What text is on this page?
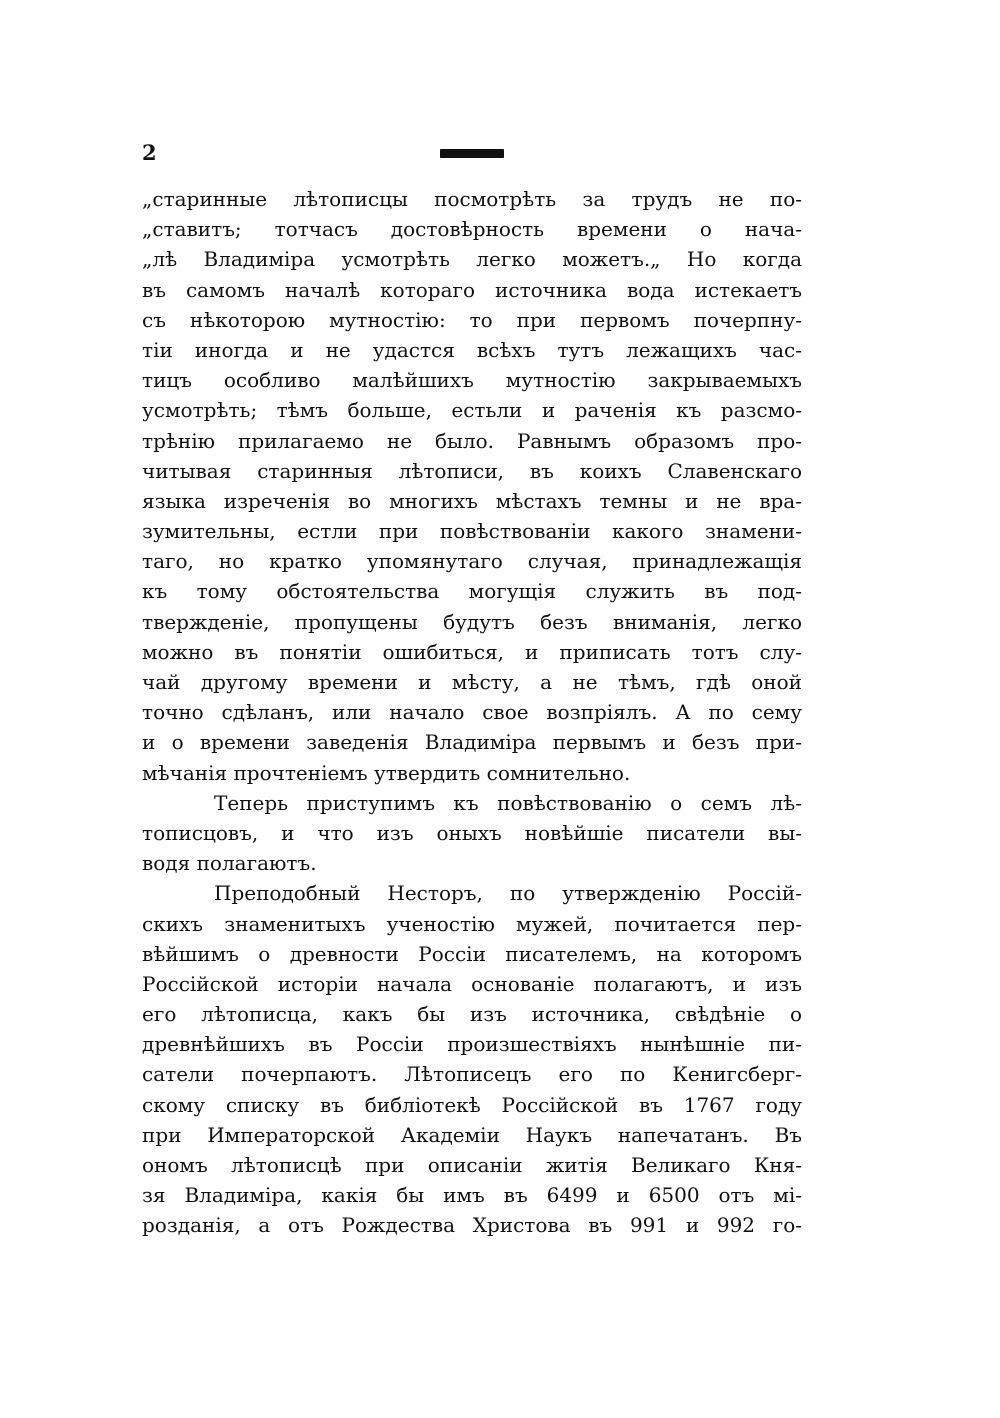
2
„старинные лѣтописцы посмотрѣть за трудъ не по-
„ставитъ; тотчасъ достовѣрность времени о нача-
„лѣ Владиміра усмотрѣть легко можетъ.„ Но когда
въ самомъ началѣ котораго источника вода истекаетъ
съ нѣкоторою мутностію: то при первомъ почерпну-
тіи иногда и не удастся всѣхъ тутъ лежащихъ час-
тицъ особливо малѣйшихъ мутностію закрываемыхъ
усмотрѣть; тѣмъ больше, естьли и раченія къ разсмо-
трѣнію прилагаемо не было. Равнымъ образомъ про-
читывая старинныя лѣтописи, въ коихъ Славенскаго
языка изреченія во многихъ мѣстахъ темны и не вра-
зумительны, естли при повѣствованіи какого знамени-
таго, но кратко упомянутаго случая, принадлежащія
къ тому обстоятельства могущія служить въ под-
твержденіе, пропущены будутъ безъ вниманія, легко
можно въ понятіи ошибиться, и приписать тотъ слу-
чай другому времени и мѣсту, а не тѣмъ, гдѣ оной
точно сдѣланъ, или начало свое возпріялъ. А по сему
и о времени заведенія Владиміра первымъ и безъ при-
мѣчанія прочтеніемъ утвердить сомнительно.
Теперь приступимъ къ повѣствованію о семъ лѣ-
тописцовъ, и что изъ оныхъ новѣйшіе писатели вы-
водя полагаютъ.
Преподобный Несторъ, по утвержденію Россій-
скихъ знаменитыхъ ученостію мужей, почитается пер-
вѣйшимъ о древности Россіи писателемъ, на которомъ
Россійской исторіи начала основаніе полагаютъ, и изъ
его лѣтописца, какъ бы изъ источника, свѣдѣніе о
древнѣйшихъ въ Россіи произшествіяхъ нынѣшніе пи-
сатели почерпаютъ. Лѣтописецъ его по Кенигсберг-
скому списку въ библіотекѣ Россійской въ 1767 году
при Императорской Академіи Наукъ напечатанъ. Въ
ономъ лѣтописцѣ при описаніи житія Великаго Кня-
зя Владиміра, какія бы имъ въ 6499 и 6500 отъ мі-
розданія, а отъ Рождества Христова въ 991 и 992 го-
